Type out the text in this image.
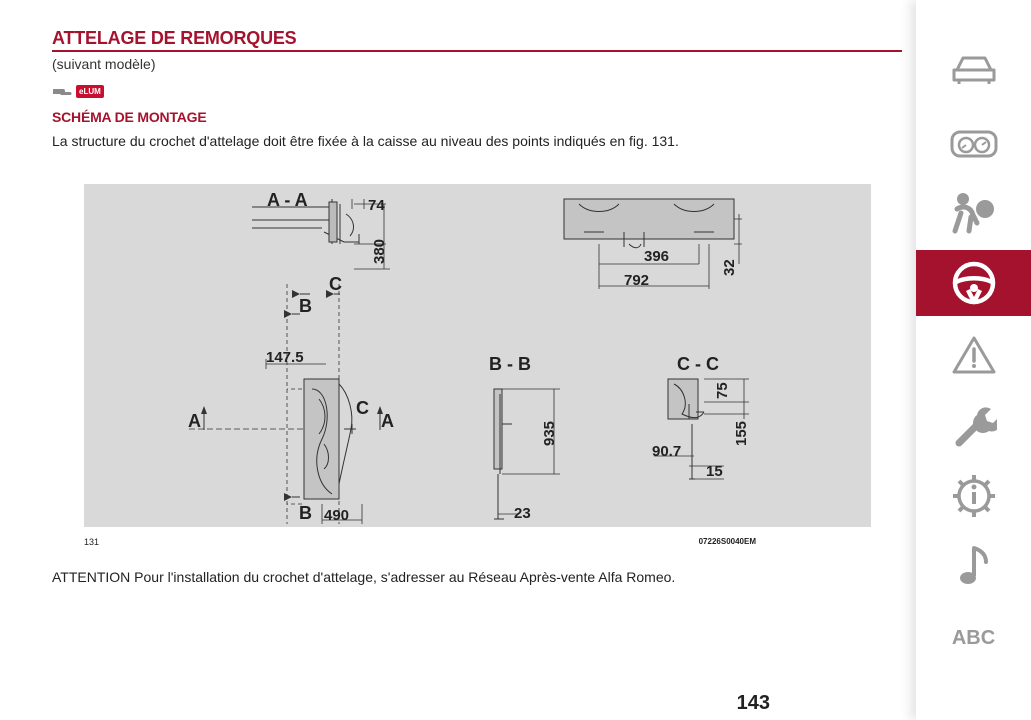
ATTELAGE DE REMORQUES
(suivant modèle)
eLUM
SCHÉMA DE MONTAGE
La structure du crochet d'attelage doit être fixée à la caisse au niveau des points indiqués en fig. 131.
A - A	74
380	396
792
32
C
B
147.5
A
C
A
B 490
B - B
935
23
C - C
75
155
90.7
15
131	07226S0040EM
ATTENTION Pour l'installation du crochet d'attelage, s'adresser au Réseau Après-vente Alfa Romeo.
143
ABC
